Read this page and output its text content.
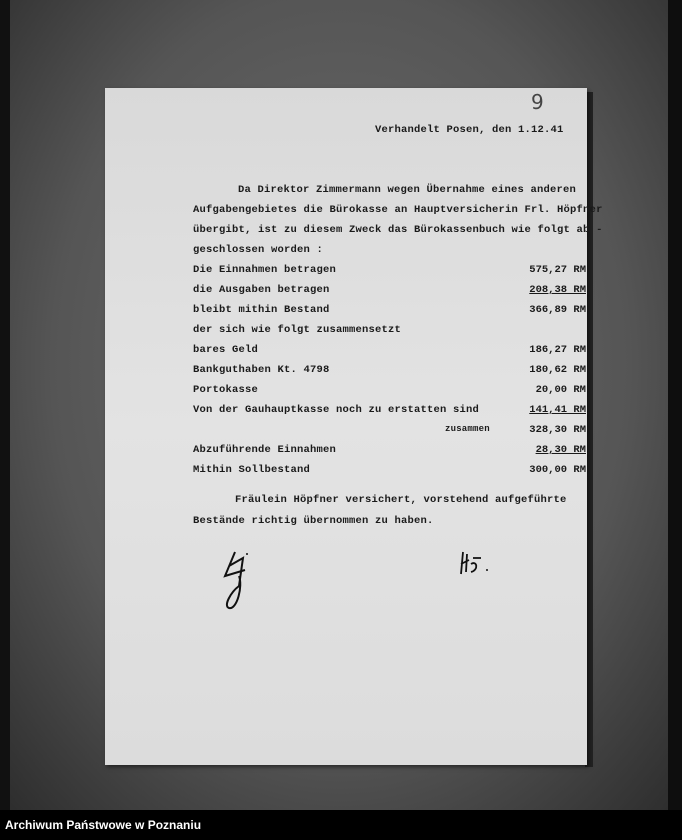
9
Verhandelt Posen, den 1.12.41
Da Direktor Zimmermann wegen Übernahme eines anderen
Aufgabengebietes die Bürokasse an Hauptversicherin Frl. Höpfner
übergibt, ist zu diesem Zweck das Bürokassenbuch wie folgt ab -
geschlossen worden :
Die Einnahmen betragen	575,27 RM
die Ausgaben betragen	208,38 RM
bleibt mithin Bestand	366,89 RM
der sich wie folgt zusammensetzt
bares Geld	186,27 RM
Bankguthaben Kt. 4798	180,62 RM
Portokasse	20,00 RM
Von der Gauhauptkasse noch zu erstatten sind	141,41 RM
zusammen	328,30 RM
Abzuführende Einnahmen	28,30 RM
Mithin Sollbestand	300,00 RM
Fräulein Höpfner versichert, vorstehend aufgeführte
Bestände richtig übernommen zu haben.
Archiwum Państwowe w Poznaniu
